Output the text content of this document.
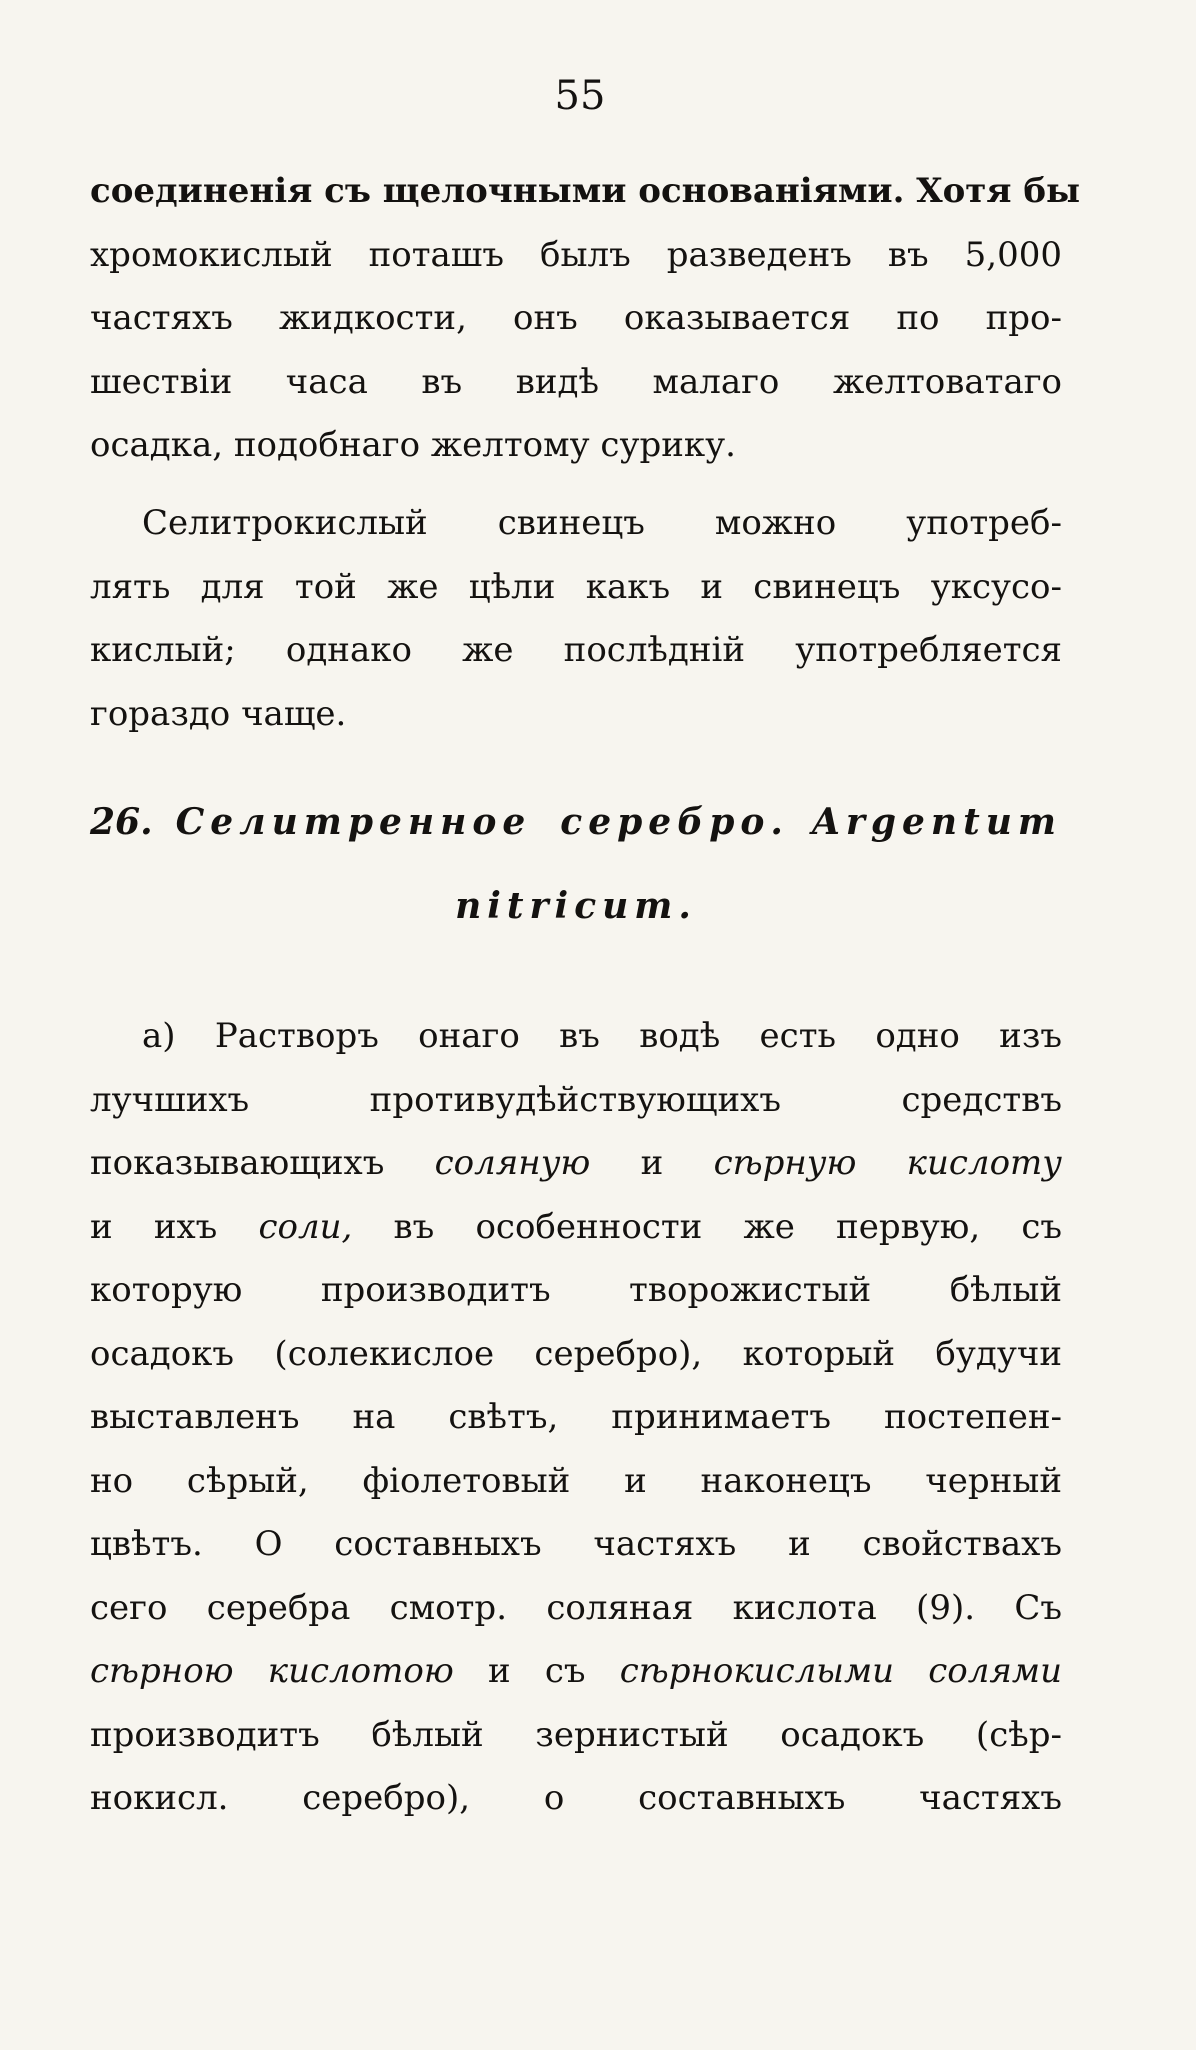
55
соединенія съ щелочными основаніями. Хотя бы
хромокислый поташъ былъ разведенъ въ 5,000
частяхъ жидкости, онъ оказывается по про-
шествіи часа въ видѣ малаго желтоватаго
осадка, подобнаго желтому сурику.
Селитрокислый свинецъ можно употреб-
лять для той же цѣли какъ и свинецъ уксусо-
кислый; однако же послѣдній употребляется
гораздо чаще.
26. Селитренное серебро. Argentum
nitricum.
a) Растворъ онаго въ водѣ есть одно изъ
лучшихъ противудѣйствующихъ средствъ
показывающихъ соляную и сѣрную кислоту
и ихъ соли, въ особенности же первую, съ
которую производитъ творожистый бѣлый
осадокъ (солекислое серебро), который будучи
выставленъ на свѣтъ, принимаетъ постепен-
но сѣрый, фіолетовый и наконецъ черный
цвѣтъ. О составныхъ частяхъ и свойствахъ
сего серебра смотр. соляная кислота (9). Съ
сѣрною кислотою и съ сѣрнокислыми солями
производитъ бѣлый зернистый осадокъ (сѣр-
нокисл. серебро), о составныхъ частяхъ
